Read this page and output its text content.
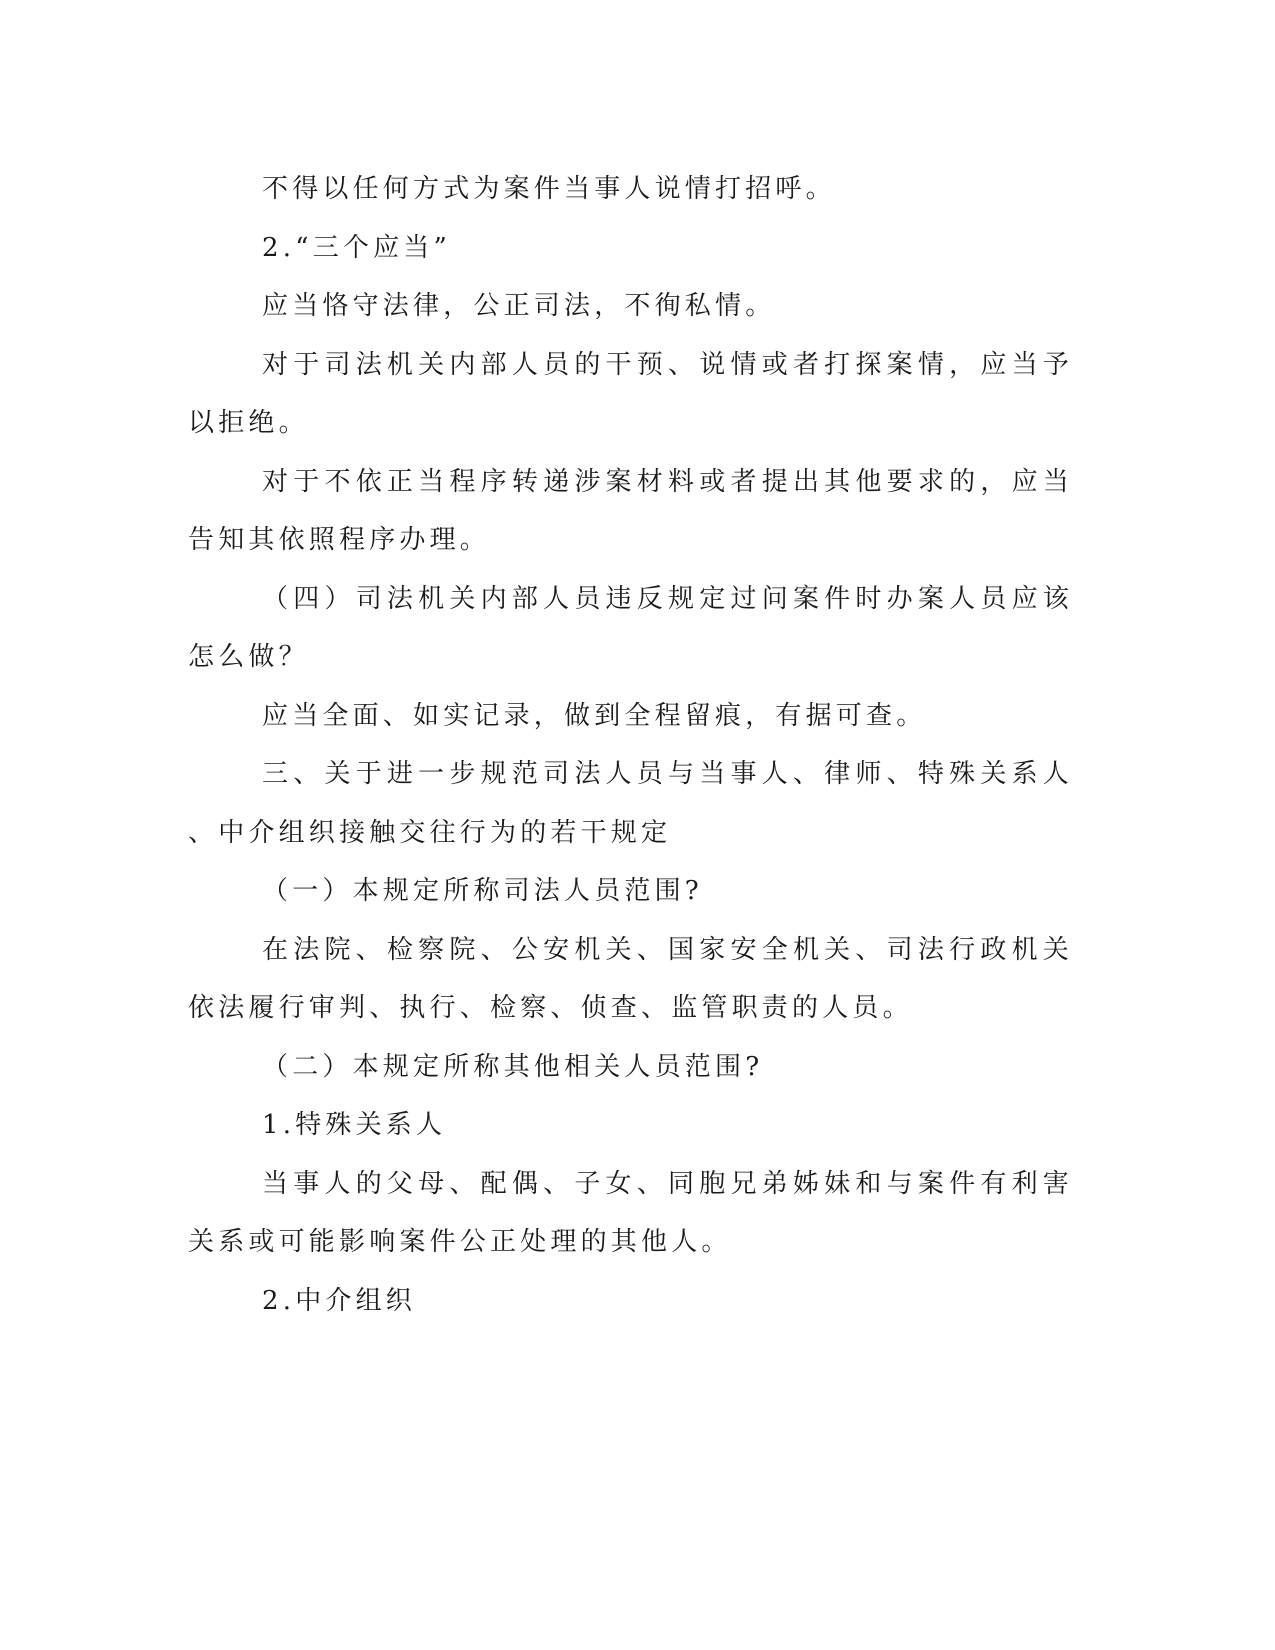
不得以任何方式为案件当事人说情打招呼。

2.“三个应当”

应当恪守法律，公正司法，不徇私情。

对于司法机关内部人员的干预、说情或者打探案情，应当予以拒绝。

对于不依正当程序转递涉案材料或者提出其他要求的，应当告知其依照程序办理。

（四）司法机关内部人员违反规定过问案件时办案人员应该怎么做？

应当全面、如实记录，做到全程留痕，有据可查。

三、关于进一步规范司法人员与当事人、律师、特殊关系人、中介组织接触交往行为的若干规定

（一）本规定所称司法人员范围?

在法院、检察院、公安机关、国家安全机关、司法行政机关依法履行审判、执行、检察、侦查、监管职责的人员。

（二）本规定所称其他相关人员范围?

1.特殊关系人

当事人的父母、配偶、子女、同胞兄弟姊妹和与案件有利害关系或可能影响案件公正处理的其他人。

2.中介组织
